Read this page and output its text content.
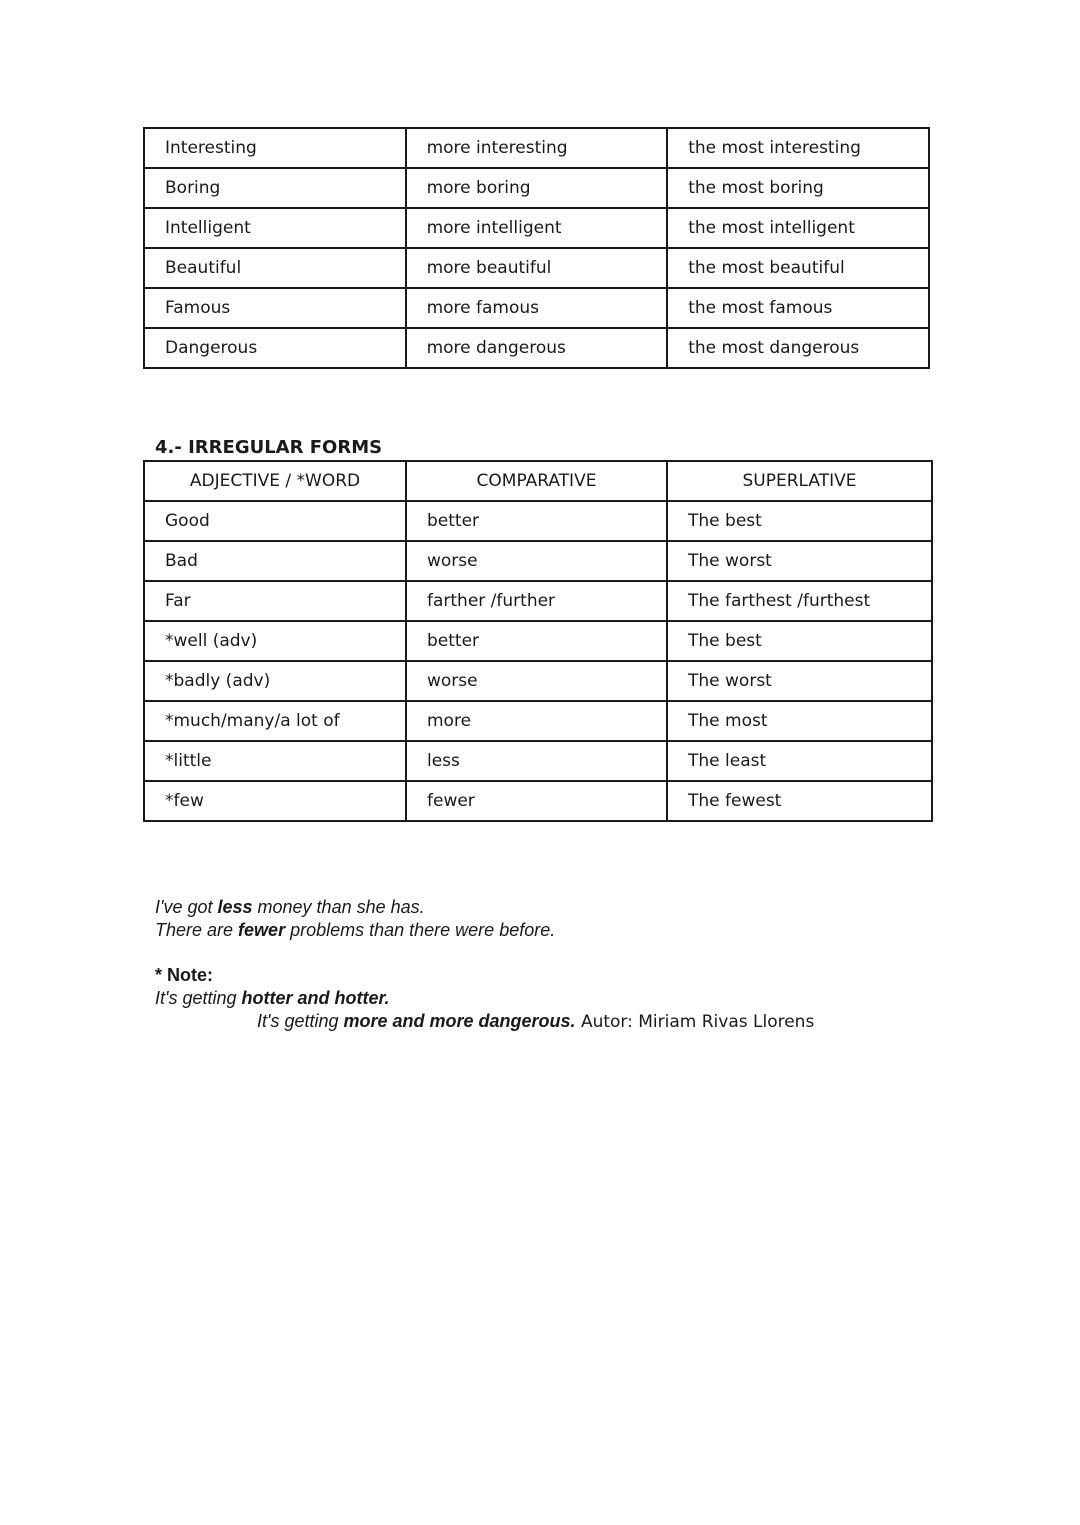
Interesting	more interesting	the most interesting
Boring	more boring	the most boring
Intelligent	more intelligent	the most intelligent
Beautiful	more beautiful	the most beautiful
Famous	more famous	the most famous
Dangerous	more dangerous	the most dangerous
4.- IRREGULAR FORMS
ADJECTIVE / *WORD	COMPARATIVE	SUPERLATIVE
Good	better	The best
Bad	worse	The worst
Far	farther /further	The farthest /furthest
*well (adv)	better	The best
*badly (adv)	worse	The worst
*much/many/a lot of	more	The most
*little	less	The least
*few	fewer	The fewest

I've got less money than she has.

There are fewer problems than there were before.

* Note:

It's getting hotter and hotter.

It's getting more and more dangerous. Autor: Miriam Rivas Llorens
